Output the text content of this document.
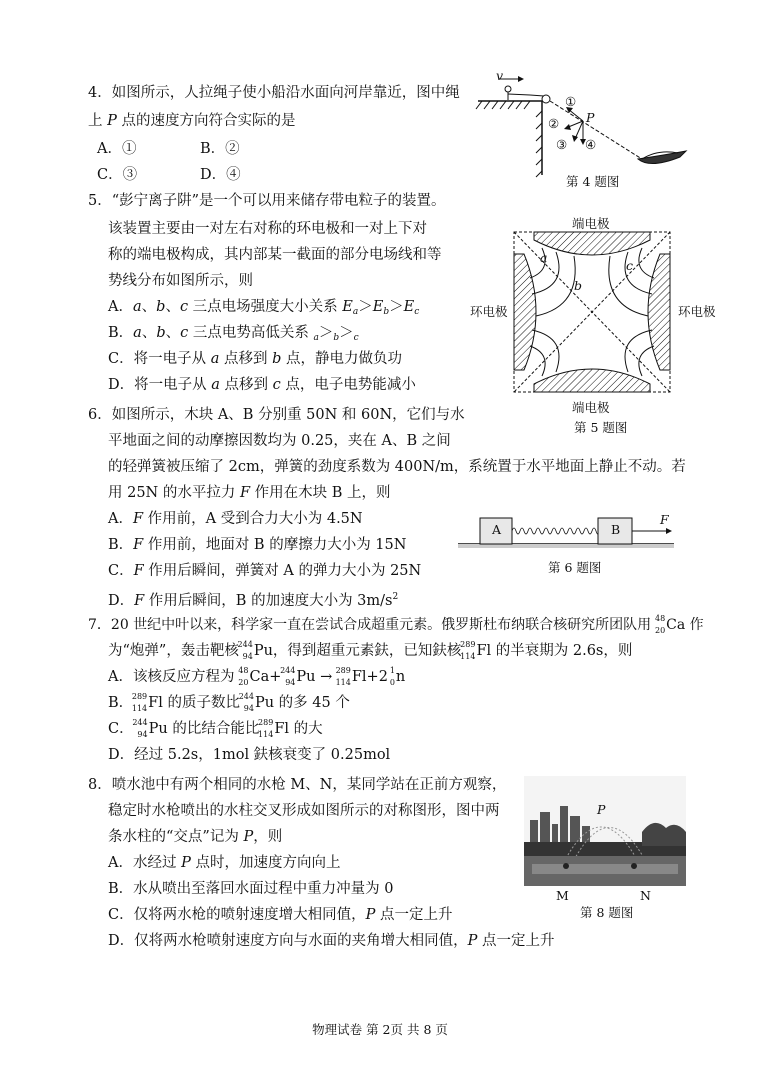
4．如图所示，人拉绳子使小船沿水面向河岸靠近，图中绳
上 P 点的速度方向符合实际的是
A．①	B．②
C．③	D．④
v
P
①
②
③ ④
第 4 题图
5．“彭宁离子阱”是一个可以用来储存带电粒子的装置。
该装置主要由一对左右对称的环电极和一对上下对
称的端电极构成，其内部某一截面的部分电场线和等
势线分布如图所示，则
A．a、b、c 三点电场强度大小关系 $E_a>E_b>E_c$
B．a、b、c 三点电势高低关系 $_a>_b>_c$
C．将一电子从 a 点移到 b 点，静电力做负功
D．将一电子从 a 点移到 c 点，电子电势能减小
端电极
端电极
环电极	环电极
a
b
c
第 5 题图
6．如图所示，木块 A、B 分别重 50N 和 60N，它们与水
平地面之间的动摩擦因数均为 0.25，夹在 A、B 之间
的轻弹簧被压缩了 2cm，弹簧的劲度系数为 400N/m，系统置于水平地面上静止不动。若
用 25N 的水平拉力 F 作用在木块 B 上，则
A．F 作用前，A 受到合力大小为 4.5N
B．F 作用前，地面对 B 的摩擦力大小为 15N
C．F 作用后瞬间，弹簧对 A 的弹力大小为 25N
D．F 作用后瞬间，B 的加速度大小为 $3m/s^2$
A	B
F
第 6 题图
7．20 世纪中叶以来，科学家一直在尝试合成超重元素。俄罗斯杜布纳联合核研究所团队用 48
20 Ca 作
为“炮弹”，轰击靶核
244
94 Pu，得到超重元素鈇，已知鈇核
289
114 Fl 的半衰期为 2.6s，则
A．该核反应方程为 48
20 Ca+
244
94 Pu →
289
114 Fl+2 1
0 n
B．
289
114 Fl 的质子数比
244
94 Pu 的多 45 个
C．
244
94 Pu 的比结合能比
289
114 Fl 的大
D．经过 5.2s，1mol 鈇核衰变了 0.25mol
8．喷水池中有两个相同的水枪 M、N，某同学站在正前方观察，
稳定时水枪喷出的水柱交叉形成如图所示的对称图形，图中两
条水柱的“交点”记为 P，则
A．水经过 P 点时，加速度方向向上
B．水从喷出至落回水面过程中重力冲量为 0
C．仅将两水枪的喷射速度增大相同值，P 点一定上升
D．仅将两水枪喷射速度方向与水面的夹角增大相同值，P 点一定上升
P
M	N
第 8 题图
物理试卷 第 2页 共 8 页
